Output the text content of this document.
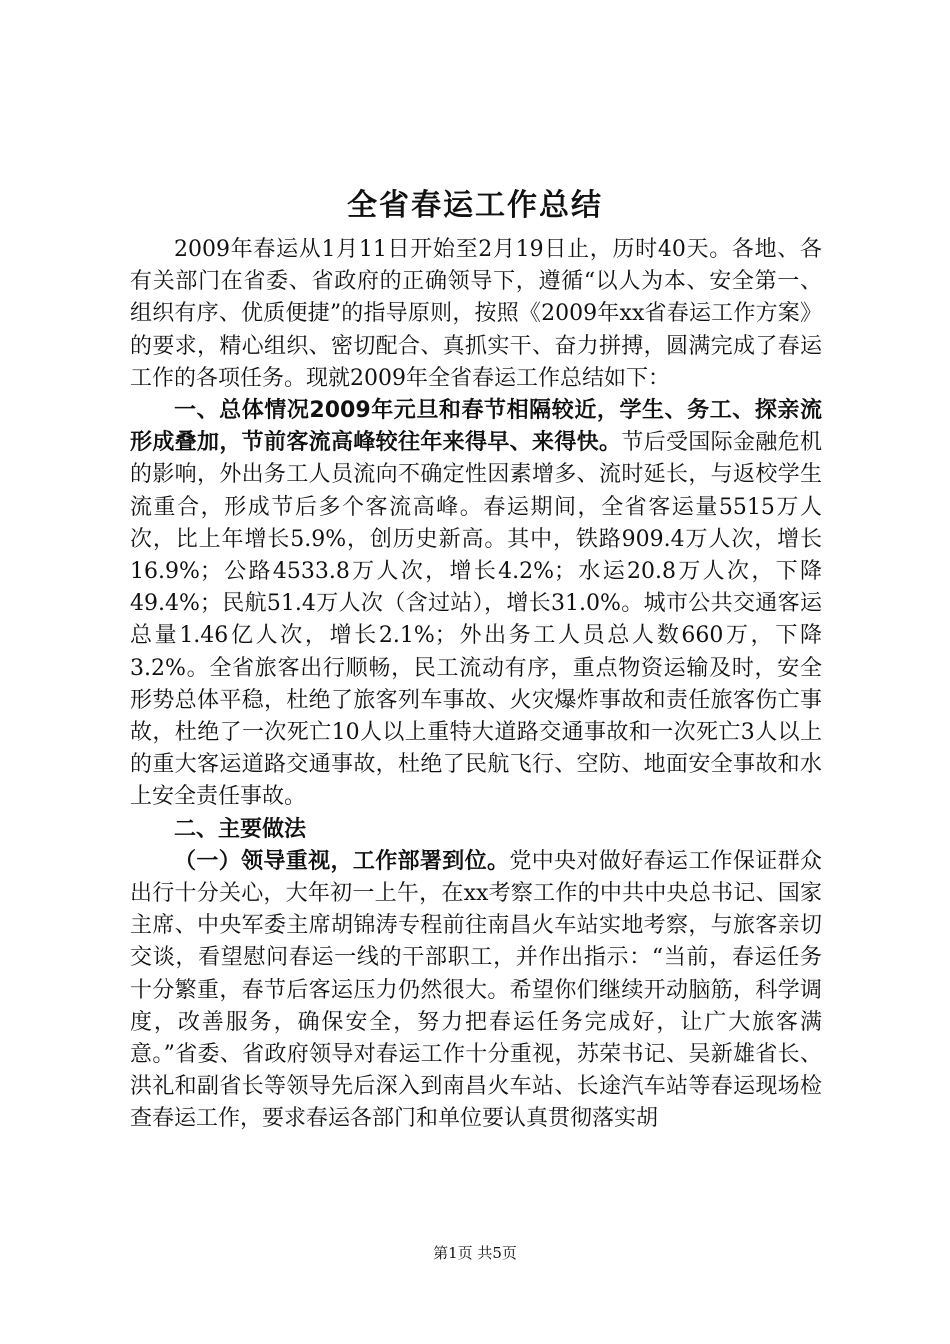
全省春运工作总结

2009年春运从1月11日开始至2月19日止，历时40天。各地、各有关部门在省委、省政府的正确领导下，遵循“以人为本、安全第一、组织有序、优质便捷”的指导原则，按照《2009年xx省春运工作方案》的要求，精心组织、密切配合、真抓实干、奋力拼搏，圆满完成了春运工作的各项任务。现就2009年全省春运工作总结如下：

一、总体情况2009年元旦和春节相隔较近，学生、务工、探亲流形成叠加，节前客流高峰较往年来得早、来得快。节后受国际金融危机的影响，外出务工人员流向不确定性因素增多、流时延长，与返校学生流重合，形成节后多个客流高峰。春运期间，全省客运量5515万人次，比上年增长5.9%，创历史新高。其中，铁路909.4万人次，增长16.9%；公路4533.8万人次，增长4.2%；水运20.8万人次，下降49.4%；民航51.4万人次（含过站），增长31.0%。城市公共交通客运总量1.46亿人次，增长2.1%；外出务工人员总人数660万，下降3.2%。全省旅客出行顺畅，民工流动有序，重点物资运输及时，安全形势总体平稳，杜绝了旅客列车事故、火灾爆炸事故和责任旅客伤亡事故，杜绝了一次死亡10人以上重特大道路交通事故和一次死亡3人以上的重大客运道路交通事故，杜绝了民航飞行、空防、地面安全事故和水上安全责任事故。

二、主要做法

（一）领导重视，工作部署到位。党中央对做好春运工作保证群众出行十分关心，大年初一上午，在xx考察工作的中共中央总书记、国家主席、中央军委主席胡锦涛专程前往南昌火车站实地考察，与旅客亲切交谈，看望慰问春运一线的干部职工，并作出指示：“当前，春运任务十分繁重，春节后客运压力仍然很大。希望你们继续开动脑筋，科学调度，改善服务，确保安全，努力把春运任务完成好，让广大旅客满意。”省委、省政府领导对春运工作十分重视，苏荣书记、吴新雄省长、洪礼和副省长等领导先后深入到南昌火车站、长途汽车站等春运现场检查春运工作，要求春运各部门和单位要认真贯彻落实胡

第1页 共5页
